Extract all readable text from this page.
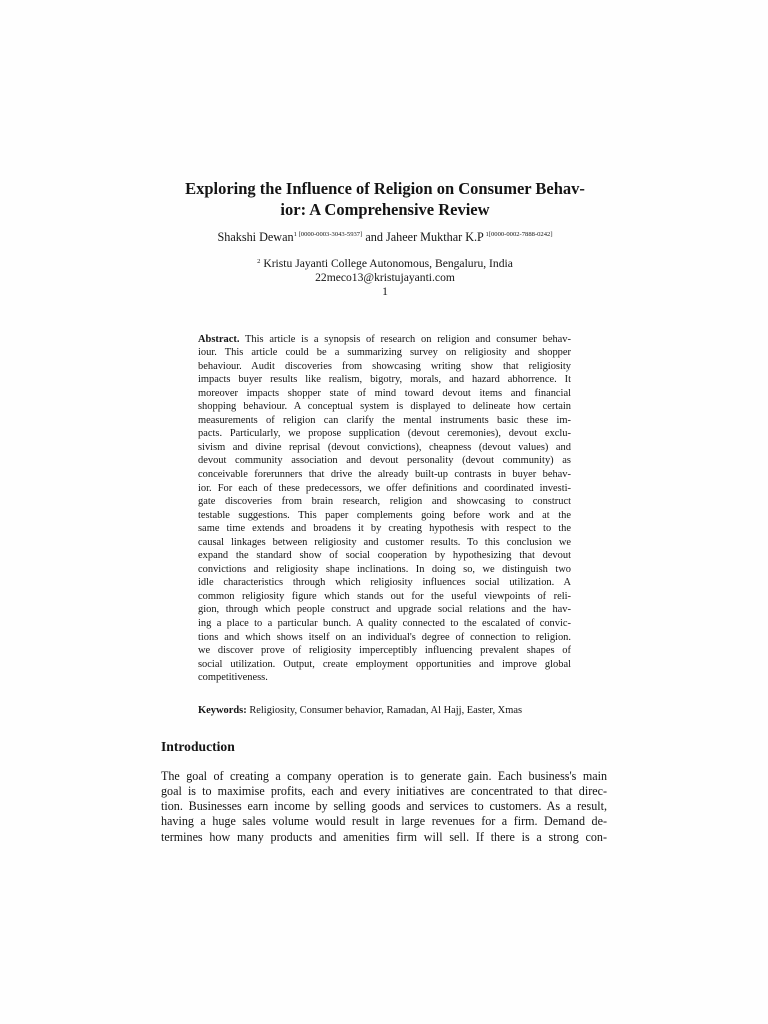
Exploring the Influence of Religion on Consumer Behav-
ior: A Comprehensive Review
Shakshi Dewan$^{1 [0000-0003-3043-5937]}$ and Jaheer Mukthar K.P $^{1[0000-0002-7888-0242]}$
$^2$ Kristu Jayanti College Autonomous, Bengaluru, India
22meco13@kristujayanti.com
1
Abstract. This article is a synopsis of research on religion and consumer behav-
iour. This article could be a summarizing survey on religiosity and shopper
behaviour. Audit discoveries from showcasing writing show that religiosity
impacts buyer results like realism, bigotry, morals, and hazard abhorrence. It
moreover impacts shopper state of mind toward devout items and financial
shopping behaviour. A conceptual system is displayed to delineate how certain
measurements of religion can clarify the mental instruments basic these im-
pacts. Particularly, we propose supplication (devout ceremonies), devout exclu-
sivism and divine reprisal (devout convictions), cheapness (devout values) and
devout community association and devout personality (devout community) as
conceivable forerunners that drive the already built-up contrasts in buyer behav-
ior. For each of these predecessors, we offer definitions and coordinated investi-
gate discoveries from brain research, religion and showcasing to construct
testable suggestions. This paper complements going before work and at the
same time extends and broadens it by creating hypothesis with respect to the
causal linkages between religiosity and customer results. To this conclusion we
expand the standard show of social cooperation by hypothesizing that devout
convictions and religiosity shape inclinations. In doing so, we distinguish two
idle characteristics through which religiosity influences social utilization. A
common religiosity figure which stands out for the useful viewpoints of reli-
gion, through which people construct and upgrade social relations and the hav-
ing a place to a particular bunch. A quality connected to the escalated of convic-
tions and which shows itself on an individual's degree of connection to religion.
we discover prove of religiosity imperceptibly influencing prevalent shapes of
social utilization. Output, create employment opportunities and improve global
competitiveness.
Keywords: Religiosity, Consumer behavior, Ramadan, Al Hajj, Easter, Xmas
Introduction
The goal of creating a company operation is to generate gain. Each business's main
goal is to maximise profits, each and every initiatives are concentrated to that direc-
tion. Businesses earn income by selling goods and services to customers. As a result,
having a huge sales volume would result in large revenues for a firm. Demand de-
termines how many products and amenities firm will sell. If there is a strong con-
